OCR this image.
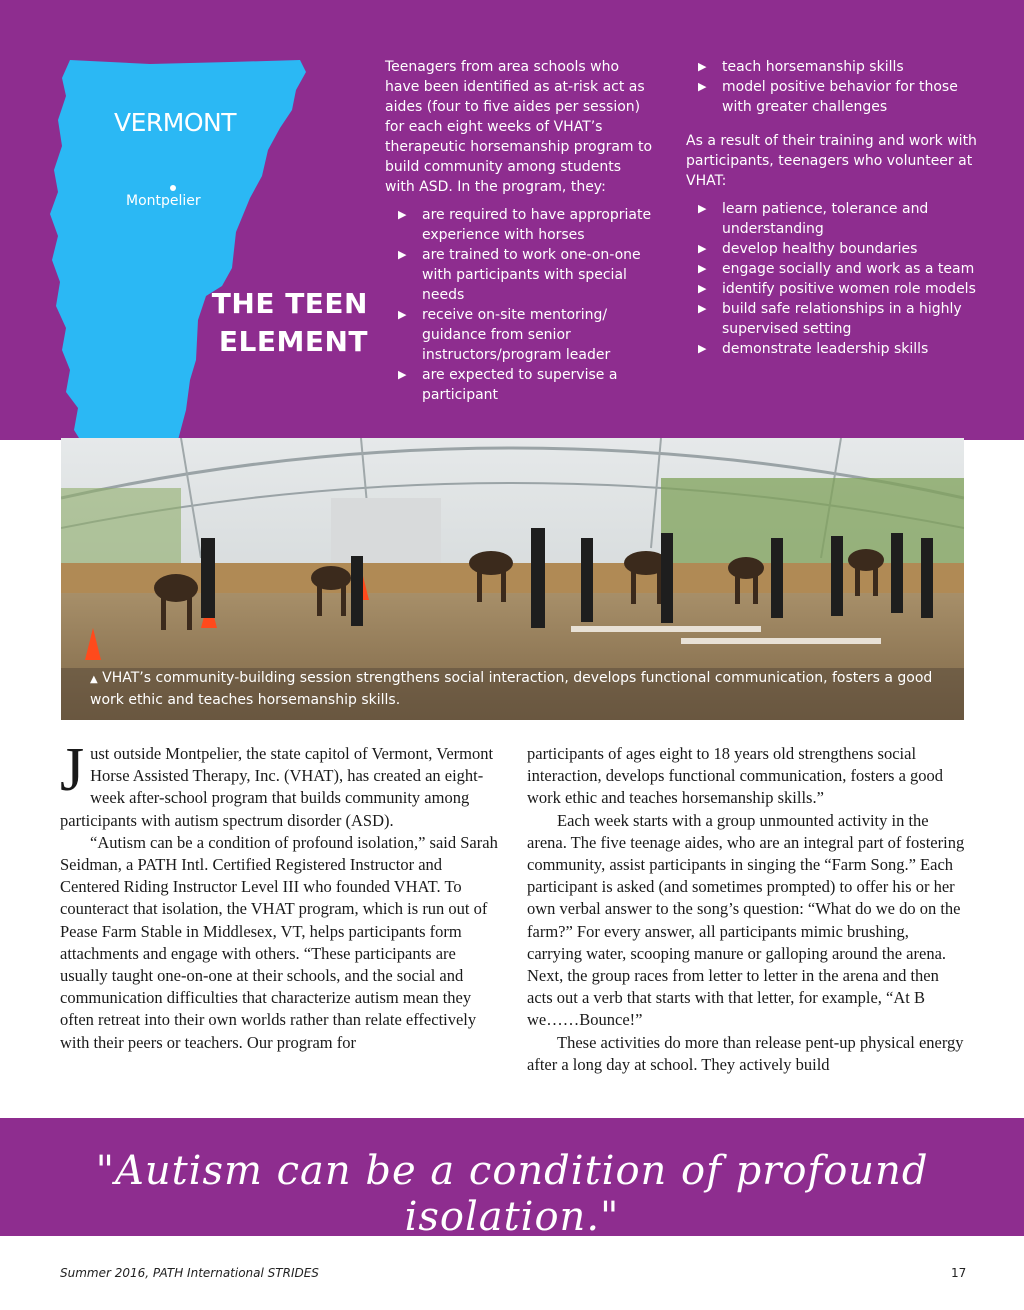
VERMONT
Montpelier
THE TEEN ELEMENT

Teenagers from area schools who have been identified as at-risk act as aides (four to five aides per session) for each eight weeks of VHAT’s therapeutic horsemanship program to build community among students with ASD. In the program, they:

▶ are required to have appropriate experience with horses
▶ are trained to work one-on-one with participants with special needs
▶ receive on-site mentoring/ guidance from senior instructors/program leader
▶ are expected to supervise a participant
▶ teach horsemanship skills
▶ model positive behavior for those with greater challenges

As a result of their training and work with participants, teenagers who volunteer at VHAT:

▶ learn patience, tolerance and understanding
▶ develop healthy boundaries
▶ engage socially and work as a team
▶ identify positive women role models
▶ build safe relationships in a highly supervised setting
▶ demonstrate leadership skills
▲ VHAT’s community-building session strengthens social interaction, develops functional communication, fosters a good work ethic and teaches horsemanship skills.

Just outside Montpelier, the state capitol of Vermont, Vermont Horse Assisted Therapy, Inc. (VHAT), has created an eight-week after-school program that builds community among participants with autism spectrum disorder (ASD).

“Autism can be a condition of profound isolation,” said Sarah Seidman, a PATH Intl. Certified Registered Instructor and Centered Riding Instructor Level III who founded VHAT. To counteract that isolation, the VHAT program, which is run out of Pease Farm Stable in Middlesex, VT, helps participants form attachments and engage with others. “These participants are usually taught one-on-one at their schools, and the social and communication difficulties that characterize autism mean they often retreat into their own worlds rather than relate effectively with their peers or teachers. Our program for

participants of ages eight to 18 years old strengthens social interaction, develops functional communication, fosters a good work ethic and teaches horsemanship skills.”

Each week starts with a group unmounted activity in the arena. The five teenage aides, who are an integral part of fostering community, assist participants in singing the “Farm Song.” Each participant is asked (and sometimes prompted) to offer his or her own verbal answer to the song’s question: “What do we do on the farm?” For every answer, all participants mimic brushing, carrying water, scooping manure or galloping around the arena. Next, the group races from letter to letter in the arena and then acts out a verb that starts with that letter, for example, “At B we……Bounce!”

These activities do more than release pent-up physical energy after a long day at school. They actively build

"Autism can be a condition of profound isolation."
Summer 2016, PATH International STRIDES	17
